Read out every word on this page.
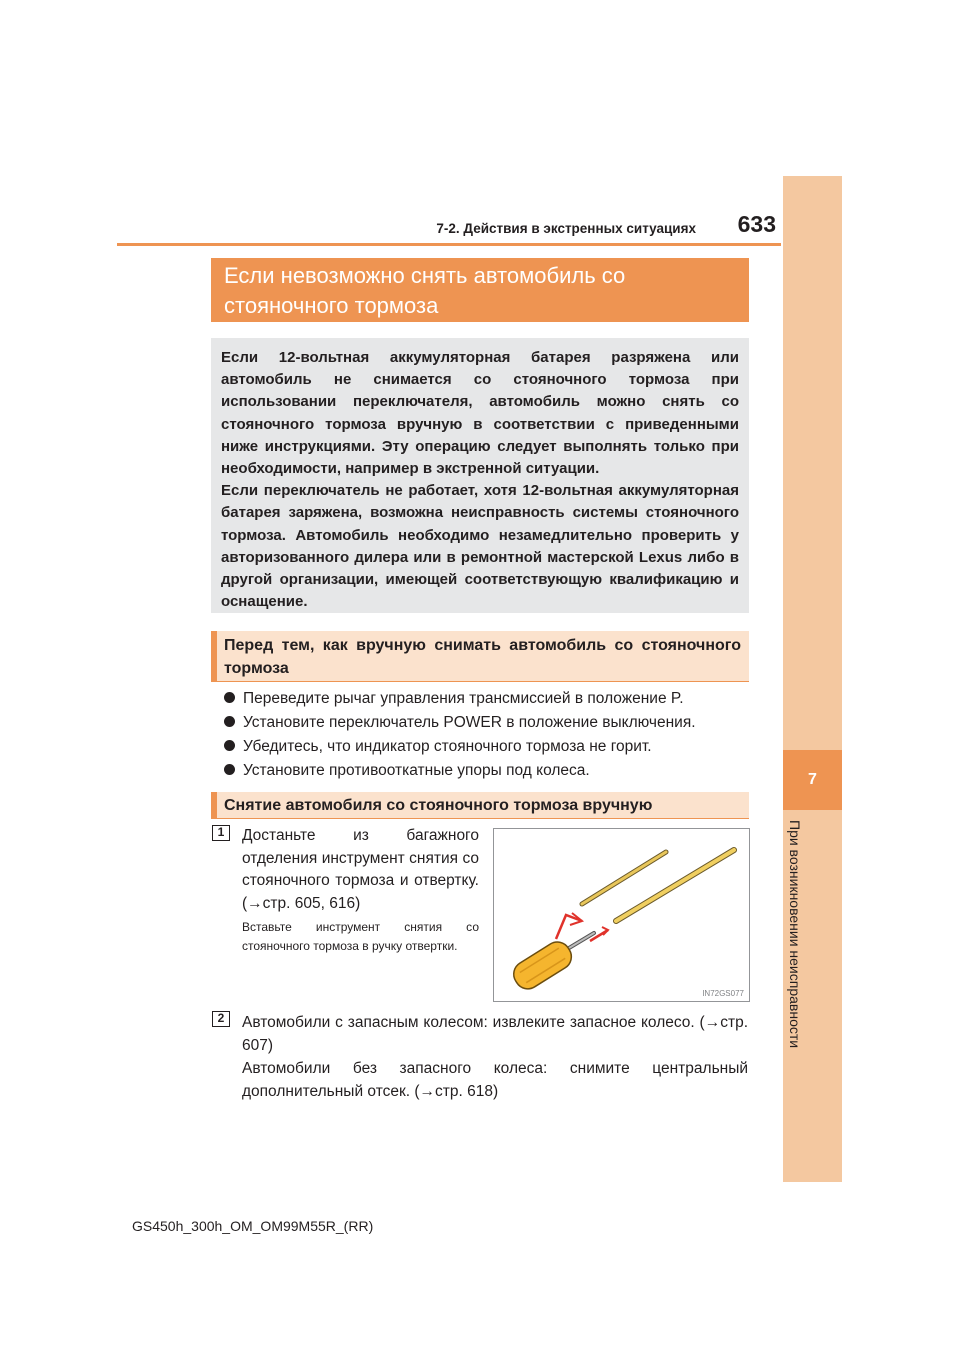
7
При возникновении неисправности
7-2. Действия в экстренных ситуациях	633
Если невозможно снять автомобиль со
стояночного тормоза

Если 12-вольтная аккумуляторная батарея разряжена или автомобиль не снимается со стояночного тормоза при использовании переключателя, автомобиль можно снять со стояночного тормоза вручную в соответствии с приведенными ниже инструкциями. Эту операцию следует выполнять только при необходимости, например в экстренной ситуации.

Если переключатель не работает, хотя 12-вольтная аккумуляторная батарея заряжена, возможна неисправность системы стояночного тормоза. Автомобиль необходимо незамедлительно проверить у авторизованного дилера или в ремонтной мастерской Lexus либо в другой организации, имеющей соответствующую квалификацию и оснащение.

Перед тем, как вручную снимать автомобиль со стояночного тормоза
Переведите рычаг управления трансмиссией в положение P.
Установите переключатель POWER в положение выключения.
Убедитесь, что индикатор стояночного тормоза не горит.
Установите противооткатные упоры под колеса.
Снятие автомобиля со стояночного тормоза вручную
1	Достаньте из багажного отделения инструмент снятия со стояночного тормоза и отвертку. (→стр. 605, 616)
Вставьте инструмент снятия со стояночного тормоза в ручку отвертки.
IN72GS077
2	Автомобили с запасным колесом: извлеките запасное колесо. (→стр. 607)
Автомобили без запасного колеса: снимите центральный дополнительный отсек. (→стр. 618)
GS450h_300h_OM_OM99M55R_(RR)
